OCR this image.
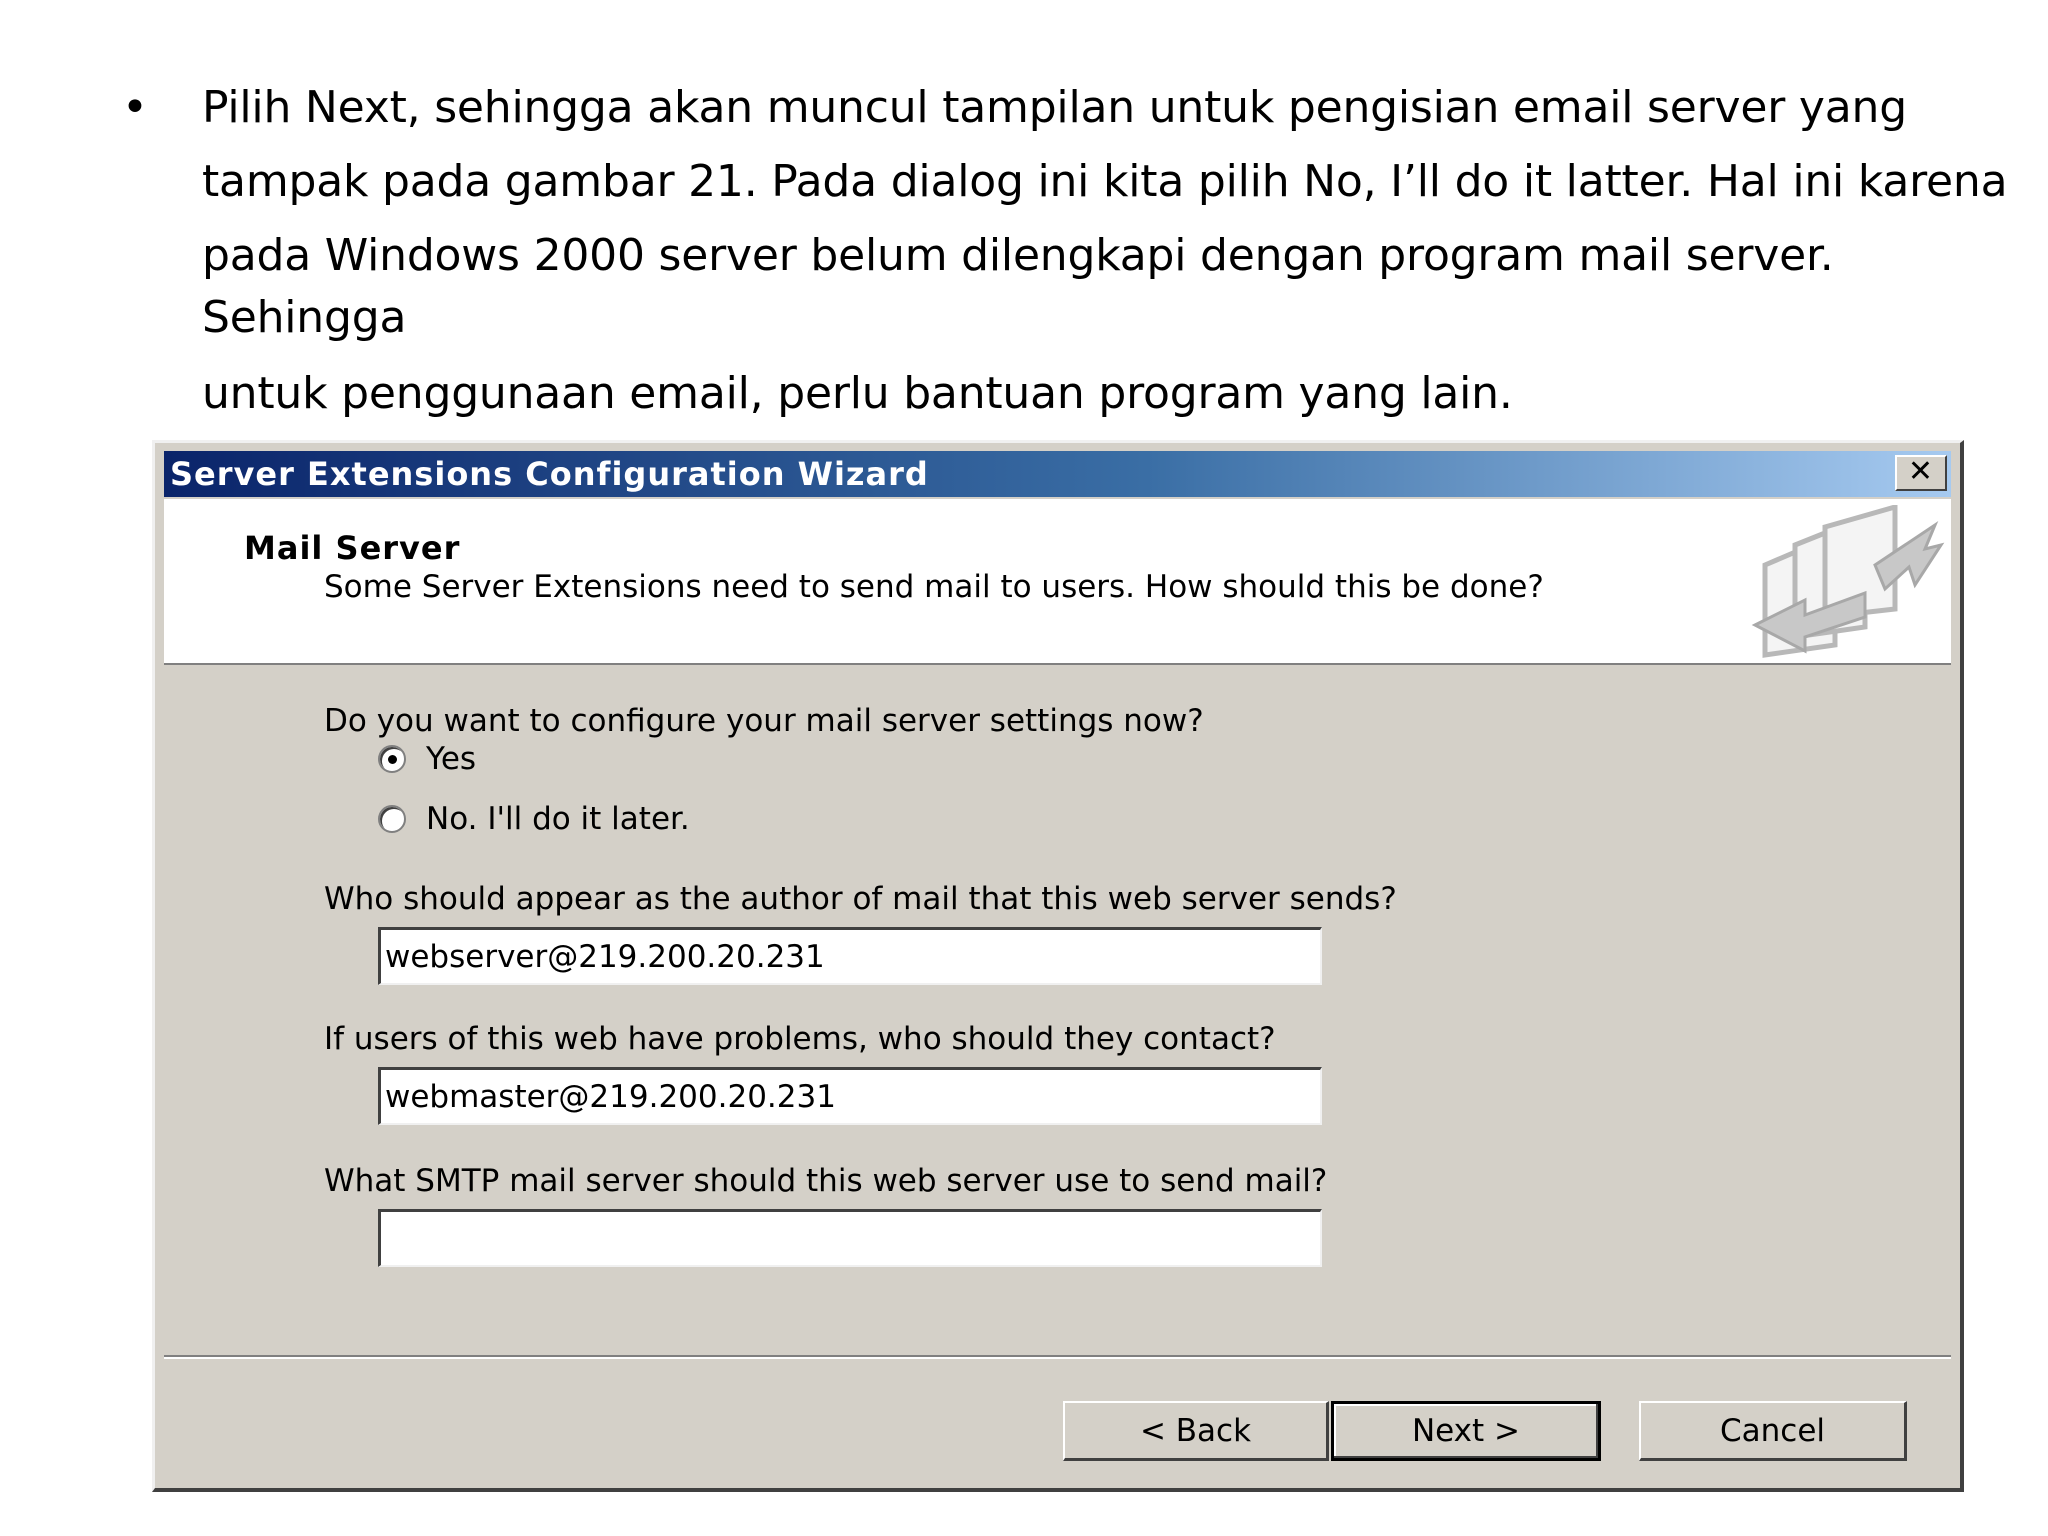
• Pilih Next, sehingga akan muncul tampilan untuk pengisian email server yang
tampak pada gambar 21. Pada dialog ini kita pilih No, I’ll do it latter. Hal ini karena
pada Windows 2000 server belum dilengkapi dengan program mail server.
Sehingga
untuk penggunaan email, perlu bantuan program yang lain.
Server Extensions Configuration Wizard	✕
Mail Server
Some Server Extensions need to send mail to users. How should this be done?
Do you want to configure your mail server settings now?
Yes
No. I'll do it later.
Who should appear as the author of mail that this web server sends?
webserver@219.200.20.231
If users of this web have problems, who should they contact?
webmaster@219.200.20.231
What SMTP mail server should this web server use to send mail?
< Back	Next >	Cancel
